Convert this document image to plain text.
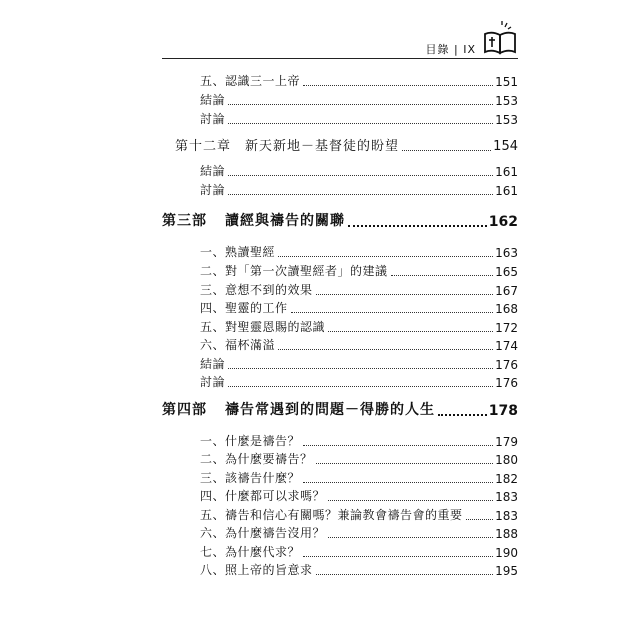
目錄 | IX
五、認識三一上帝	151
結論	153
討論	153
第十二章　新天新地－基督徒的盼望	154
結論	161
討論	161
第三部 讀經與禱告的關聯	162
一、熟讀聖經	163
二、對「第一次讀聖經者」的建議	165
三、意想不到的效果	167
四、聖靈的工作	168
五、對聖靈恩賜的認識	172
六、福杯滿溢	174
結論	176
討論	176
第四部 禱告常遇到的問題－得勝的人生	178
一、什麼是禱告？	179
二、為什麼要禱告？	180
三、該禱告什麼？	182
四、什麼都可以求嗎？	183
五、禱告和信心有關嗎？兼論教會禱告會的重要	183
六、為什麼禱告沒用？	188
七、為什麼代求？	190
八、照上帝的旨意求	195
